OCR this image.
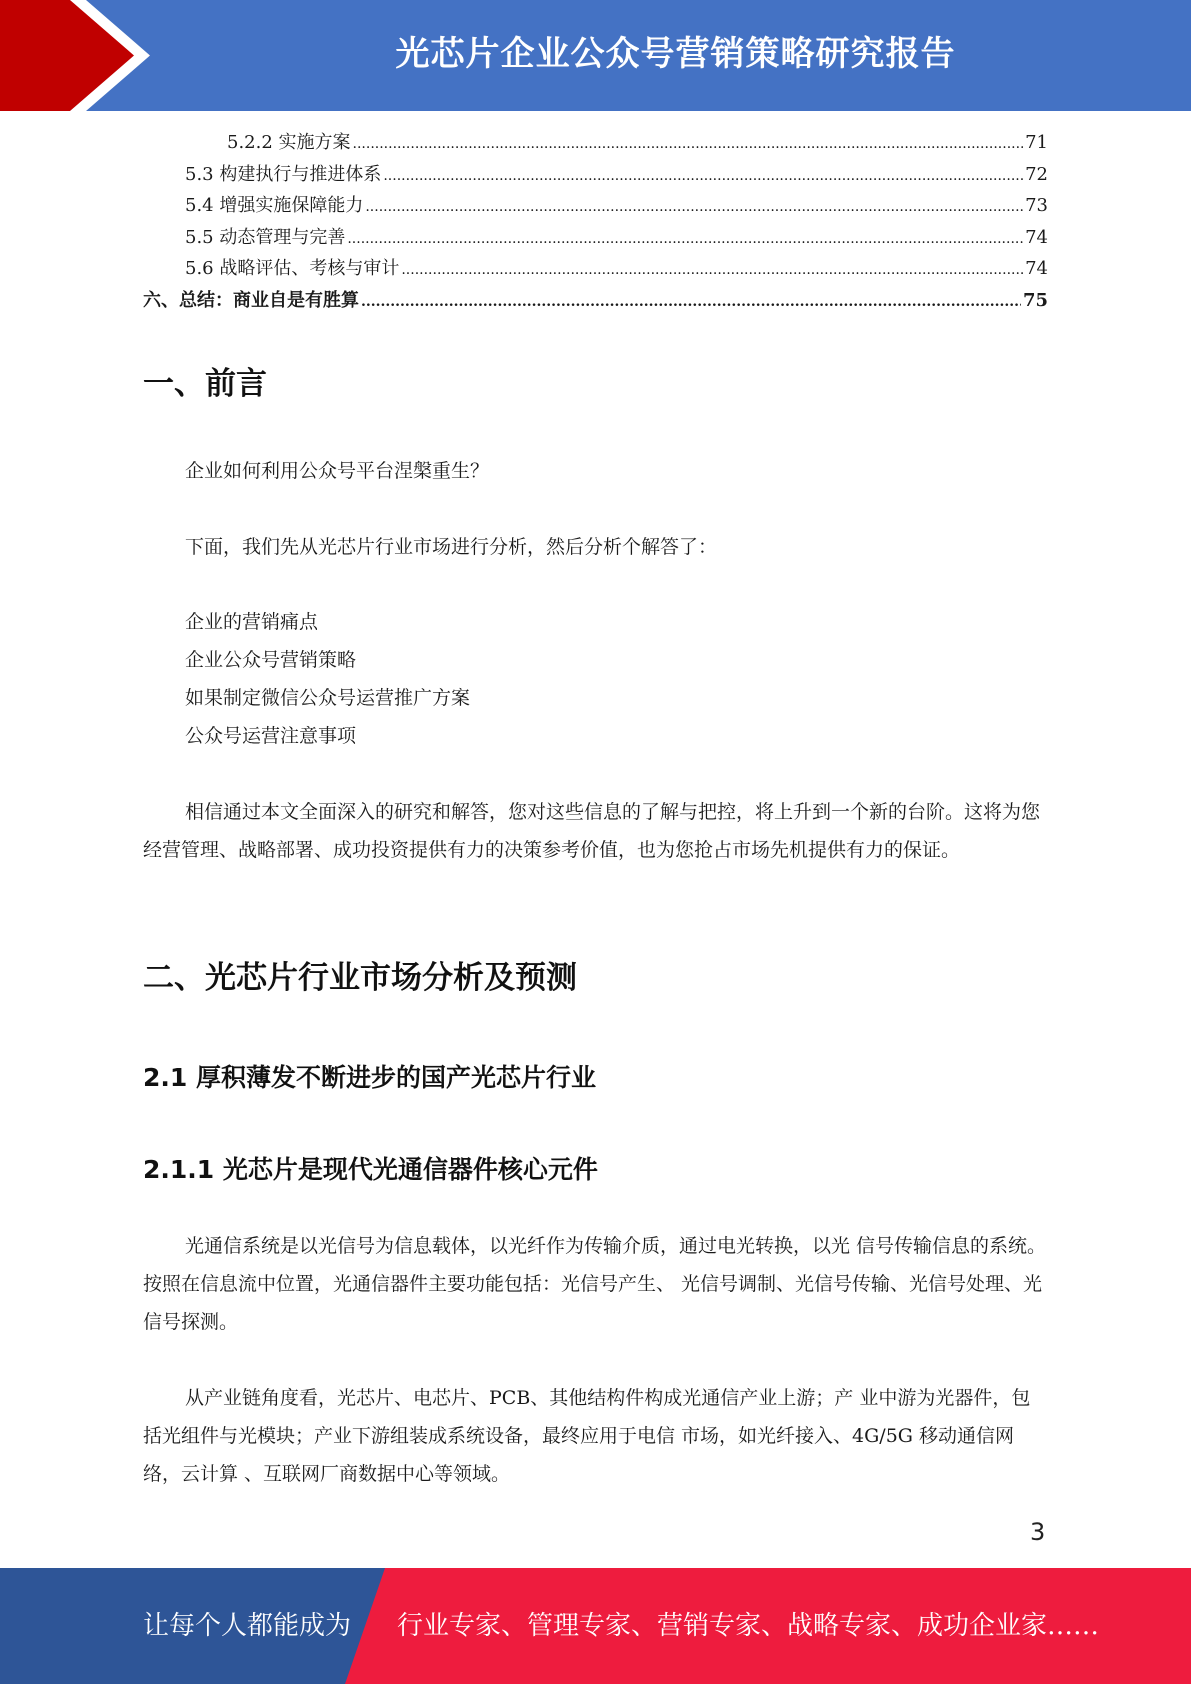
光芯片企业公众号营销策略研究报告
5.2.2 实施方案 .....	71
5.3 构建执行与推进体系 .....	72
5.4 增强实施保障能力 .....	73
5.5 动态管理与完善 .....	74
5.6 战略评估、考核与审计 .....	74
六、总结：商业自是有胜算 .....	75
一、前言
企业如何利用公众号平台涅槃重生？
下面，我们先从光芯片行业市场进行分析，然后分析个解答了：
企业的营销痛点
企业公众号营销策略
如果制定微信公众号运营推广方案
公众号运营注意事项

相信通过本文全面深入的研究和解答，您对这些信息的了解与把控，将上升到一个新的台阶。这将为您经营管理、战略部署、成功投资提供有力的决策参考价值，也为您抢占市场先机提供有力的保证。

二、光芯片行业市场分析及预测
2.1 厚积薄发不断进步的国产光芯片行业
2.1.1 光芯片是现代光通信器件核心元件

光通信系统是以光信号为信息载体，以光纤作为传输介质，通过电光转换，以光 信号传输信息的系统。按照在信息流中位置，光通信器件主要功能包括：光信号产生、 光信号调制、光信号传输、光信号处理、光信号探测。

从产业链角度看，光芯片、电芯片、PCB、其他结构件构成光通信产业上游；产 业中游为光器件，包括光组件与光模块；产业下游组装成系统设备，最终应用于电信 市场，如光纤接入、4G/5G 移动通信网络，云计算 、互联网厂商数据中心等领域。

3
让每个人都能成为 行业专家、管理专家、营销专家、战略专家、成功企业家……
